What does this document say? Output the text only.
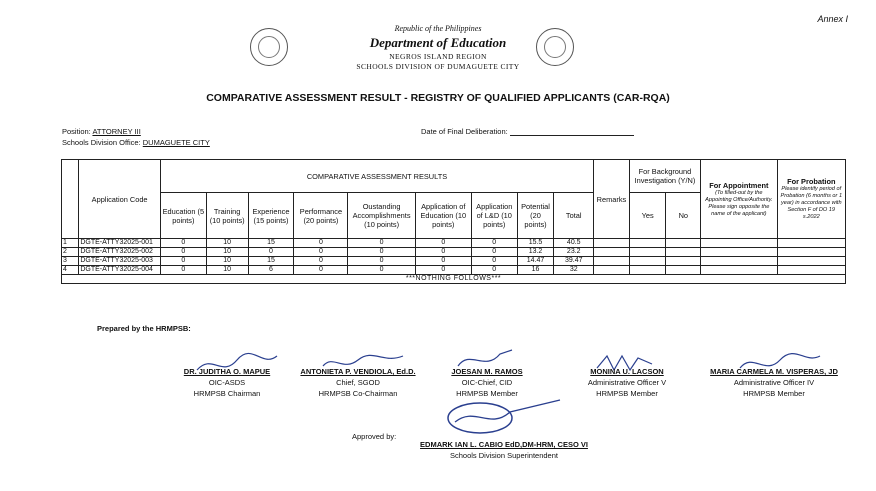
Annex I
Republic of the Philippines
Department of Education
NEGROS ISLAND REGION
SCHOOLS DIVISION OF DUMAGUETE CITY
COMPARATIVE ASSESSMENT RESULT - REGISTRY OF QUALIFIED APPLICANTS (CAR-RQA)
Position: ATTORNEY III
Schools Division Office: DUMAGUETE CITY
Date of Final Deliberation:
	Application Code	COMPARATIVE ASSESSMENT RESULTS									Remarks	For Background Investigation (Y/N)		For Appointment
(To filled-out by the Appointing Office/Authority. Please sign opposite the name of the applicant)	For Probation
Please identify period of Probation (6 months or 1 year) in accordance with Section F of DO 19 s.2022

		Education (5 points)	Training (10 points)	Experience (15 points)	Performance (20 points)	Oustanding Accomplishments (10 points)	Application of Education (10 points)	Application of L&D (10 points)	Potential (20 points)	Total		Yes	No		
1	DGTE-ATTY32025-001	0	10	15	0	0	0	0	15.5	40.5					
2	DGTE-ATTY32025-002	0	10	0	0	0	0	0	13.2	23.2					
3	DGTE-ATTY32025-003	0	10	15	0	0	0	0	14.47	39.47					
4	DGTE-ATTY32025-004	0	10	6	0	0	0	0	16	32					
***NOTHING FOLLOWS***															
Prepared by the HRMPSB:
DR. JUDITHA O. MAPUE
OIC-ASDS
HRMPSB Chairman
ANTONIETA P. VENDIOLA, Ed.D.
Chief, SGOD
HRMPSB Co-Chairman
JOESAN M. RAMOS
OIC-Chief, CID
HRMPSB Member
MONINA U. LACSON
Administrative Officer V
HRMPSB Member
MARIA CARMELA M. VISPERAS, JD
Administrative Officer IV
HRMPSB Member
Approved by:
EDMARK IAN L. CABIO EdD,DM-HRM, CESO VI
Schools Division Superintendent
